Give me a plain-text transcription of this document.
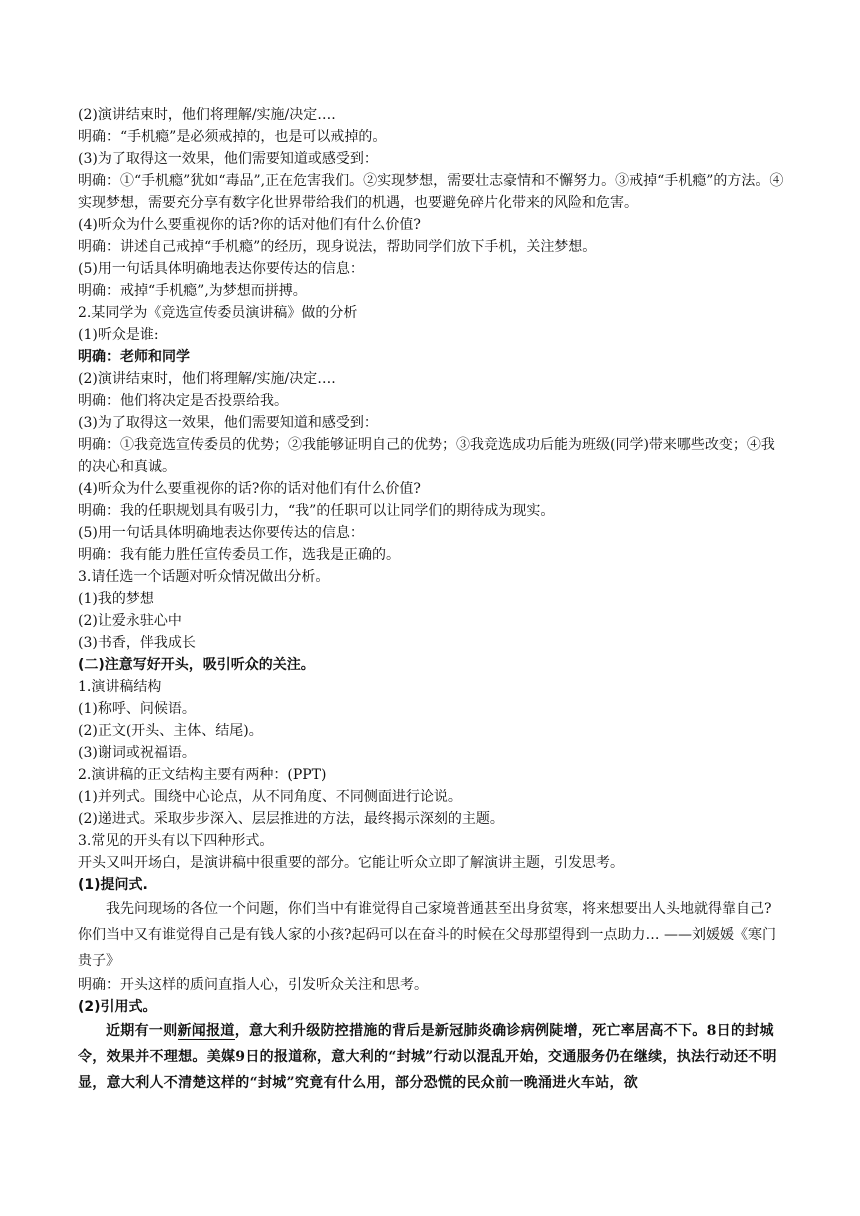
(2)演讲结束时，他们将理解/实施/决定….
明确：“手机瘾”是必须戒掉的，也是可以戒掉的。
(3)为了取得这一效果，他们需要知道或感受到：
明确：①“手机瘾”犹如“毒品”,正在危害我们。②实现梦想，需要壮志豪情和不懈努力。③戒掉“手机瘾”的方法。④实现梦想，需要充分享有数字化世界带给我们的机遇，也要避免碎片化带来的风险和危害。
(4)听众为什么要重视你的话?你的话对他们有什么价值?
明确：讲述自己戒掉“手机瘾”的经历，现身说法，帮助同学们放下手机，关注梦想。
(5)用一句话具体明确地表达你要传达的信息：
明确：戒掉“手机瘾”,为梦想而拼搏。
2.某同学为《竞选宣传委员演讲稿》做的分析
(1)听众是谁:
明确：老师和同学
(2)演讲结束时，他们将理解/实施/决定….
明确：他们将决定是否投票给我。
(3)为了取得这一效果，他们需要知道和感受到：
明确：①我竞选宣传委员的优势；②我能够证明自己的优势；③我竞选成功后能为班级(同学)带来哪些改变；④我的决心和真诚。
(4)听众为什么要重视你的话?你的话对他们有什么价值?
明确：我的任职规划具有吸引力，“我”的任职可以让同学们的期待成为现实。
(5)用一句话具体明确地表达你要传达的信息：
明确：我有能力胜任宣传委员工作，选我是正确的。
3.请任选一个话题对听众情况做出分析。
(1)我的梦想
(2)让爱永驻心中
(3)书香，伴我成长
(二)注意写好开头，吸引听众的关注。
1.演讲稿结构
(1)称呼、问候语。
(2)正文(开头、主体、结尾)。
(3)谢词或祝福语。
2.演讲稿的正文结构主要有两种：(PPT)
(1)并列式。围绕中心论点，从不同角度、不同侧面进行论说。
(2)递进式。采取步步深入、层层推进的方法，最终揭示深刻的主题。
3.常见的开头有以下四种形式。
开头又叫开场白，是演讲稿中很重要的部分。它能让听众立即了解演讲主题，引发思考。
(1)提问式.
我先问现场的各位一个问题，你们当中有谁觉得自己家境普通甚至出身贫寒，将来想要出人头地就得靠自己?你们当中又有谁觉得自己是有钱人家的小孩?起码可以在奋斗的时候在父母那望得到一点助力… ——刘媛媛《寒门贵子》
明确：开头这样的质问直指人心，引发听众关注和思考。
(2)引用式。
近期有一则新闻报道，意大利升级防控措施的背后是新冠肺炎确诊病例陡增，死亡率居高不下。8日的封城令，效果并不理想。美媒9日的报道称，意大利的“封城”行动以混乱开始，交通服务仍在继续，执法行动还不明显，意大利人不清楚这样的“封城”究竟有什么用，部分恐慌的民众前一晚涌进火车站，欲
